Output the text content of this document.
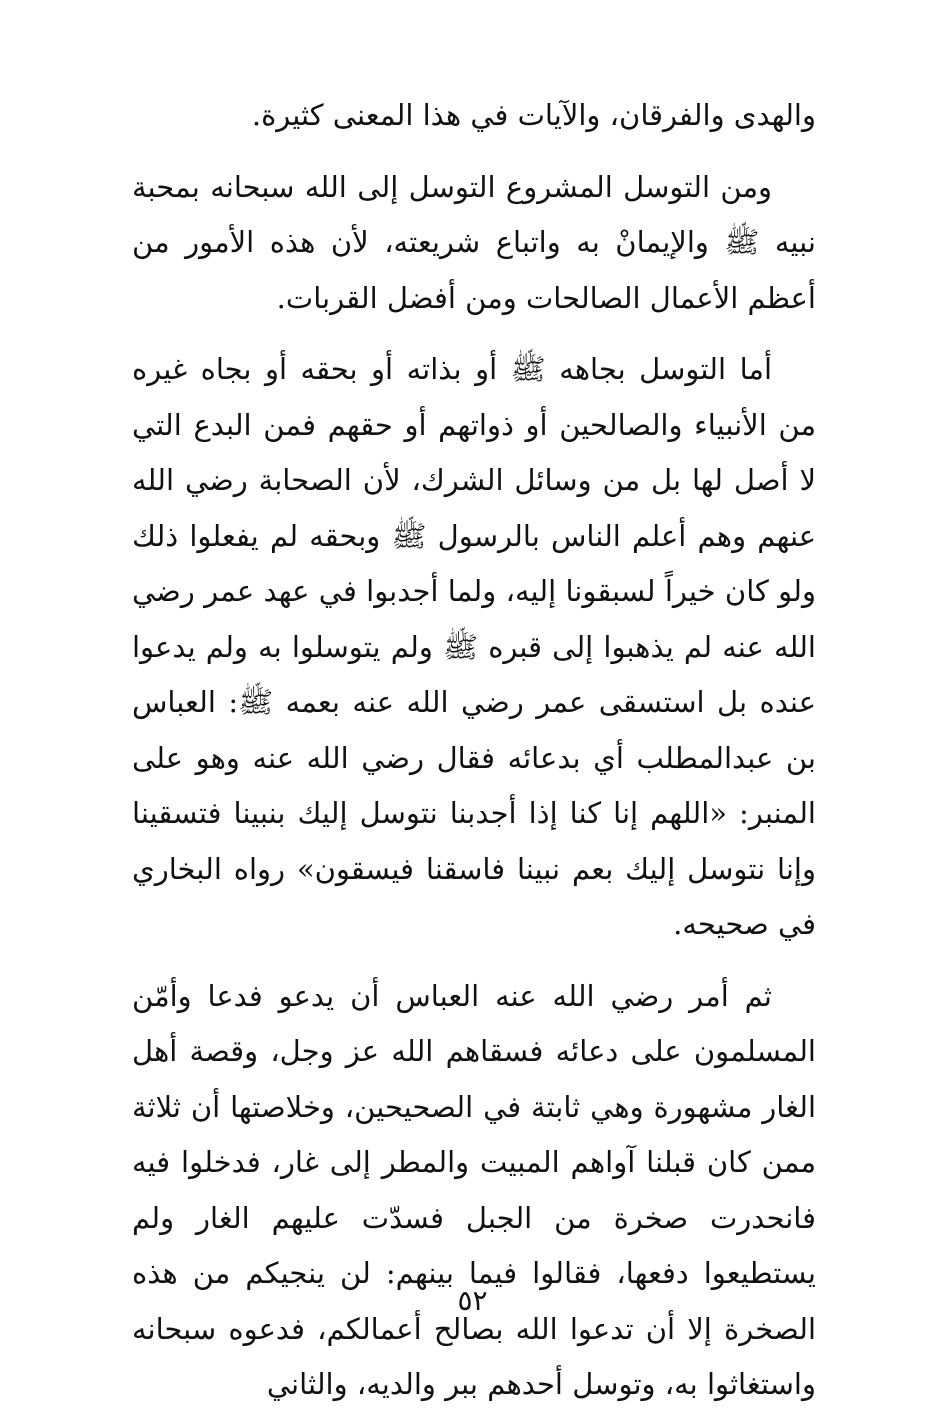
والهدى والفرقان، والآيات في هذا المعنى كثيرة.

ومن التوسل المشروع التوسل إلى الله سبحانه بمحبة نبيه ﷺ والإيمانْ به واتباع شريعته، لأن هذه الأمور من أعظم الأعمال الصالحات ومن أفضل القربات.

أما التوسل بجاهه ﷺ أو بذاته أو بحقه أو بجاه غيره من الأنبياء والصالحين أو ذواتهم أو حقهم فمن البدع التي لا أصل لها بل من وسائل الشرك، لأن الصحابة رضي الله عنهم وهم أعلم الناس بالرسول ﷺ وبحقه لم يفعلوا ذلك ولو كان خيراً لسبقونا إليه، ولما أجدبوا في عهد عمر رضي الله عنه لم يذهبوا إلى قبره ﷺ ولم يتوسلوا به ولم يدعوا عنده بل استسقى عمر رضي الله عنه بعمه ﷺ: العباس بن عبدالمطلب أي بدعائه فقال رضي الله عنه وهو على المنبر: «اللهم إنا كنا إذا أجدبنا نتوسل إليك بنبينا فتسقينا وإنا نتوسل إليك بعم نبينا فاسقنا فيسقون» رواه البخاري في صحيحه.

ثم أمر رضي الله عنه العباس أن يدعو فدعا وأمّن المسلمون على دعائه فسقاهم الله عز وجل، وقصة أهل الغار مشهورة وهي ثابتة في الصحيحين، وخلاصتها أن ثلاثة ممن كان قبلنا آواهم المبيت والمطر إلى غار، فدخلوا فيه فانحدرت صخرة من الجبل فسدّت عليهم الغار ولم يستطيعوا دفعها، فقالوا فيما بينهم: لن ينجيكم من هذه الصخرة إلا أن تدعوا الله بصالح أعمالكم، فدعوه سبحانه واستغاثوا به، وتوسل أحدهم ببر والديه، والثاني

٥٢
